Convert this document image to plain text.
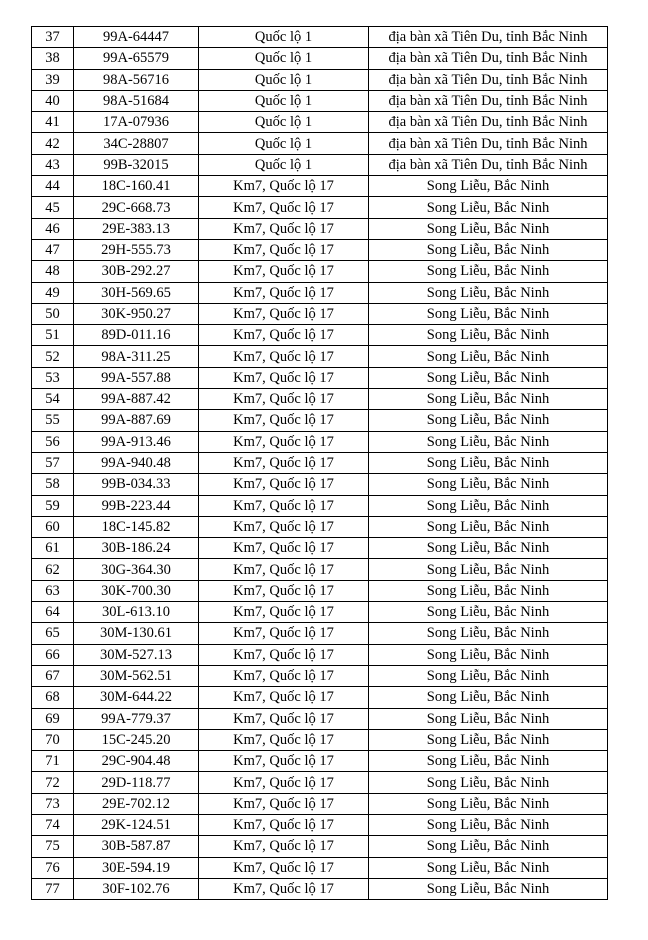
37	99A-64447	Quốc lộ 1	địa bàn xã Tiên Du, tỉnh Bắc Ninh
38	99A-65579	Quốc lộ 1	địa bàn xã Tiên Du, tỉnh Bắc Ninh
39	98A-56716	Quốc lộ 1	địa bàn xã Tiên Du, tỉnh Bắc Ninh
40	98A-51684	Quốc lộ 1	địa bàn xã Tiên Du, tỉnh Bắc Ninh
41	17A-07936	Quốc lộ 1	địa bàn xã Tiên Du, tỉnh Bắc Ninh
42	34C-28807	Quốc lộ 1	địa bàn xã Tiên Du, tỉnh Bắc Ninh
43	99B-32015	Quốc lộ 1	địa bàn xã Tiên Du, tỉnh Bắc Ninh
44	18C-160.41	Km7, Quốc lộ 17	Song Liễu, Bắc Ninh
45	29C-668.73	Km7, Quốc lộ 17	Song Liễu, Bắc Ninh
46	29E-383.13	Km7, Quốc lộ 17	Song Liễu, Bắc Ninh
47	29H-555.73	Km7, Quốc lộ 17	Song Liễu, Bắc Ninh
48	30B-292.27	Km7, Quốc lộ 17	Song Liễu, Bắc Ninh
49	30H-569.65	Km7, Quốc lộ 17	Song Liễu, Bắc Ninh
50	30K-950.27	Km7, Quốc lộ 17	Song Liễu, Bắc Ninh
51	89D-011.16	Km7, Quốc lộ 17	Song Liễu, Bắc Ninh
52	98A-311.25	Km7, Quốc lộ 17	Song Liễu, Bắc Ninh
53	99A-557.88	Km7, Quốc lộ 17	Song Liễu, Bắc Ninh
54	99A-887.42	Km7, Quốc lộ 17	Song Liễu, Bắc Ninh
55	99A-887.69	Km7, Quốc lộ 17	Song Liễu, Bắc Ninh
56	99A-913.46	Km7, Quốc lộ 17	Song Liễu, Bắc Ninh
57	99A-940.48	Km7, Quốc lộ 17	Song Liễu, Bắc Ninh
58	99B-034.33	Km7, Quốc lộ 17	Song Liễu, Bắc Ninh
59	99B-223.44	Km7, Quốc lộ 17	Song Liễu, Bắc Ninh
60	18C-145.82	Km7, Quốc lộ 17	Song Liễu, Bắc Ninh
61	30B-186.24	Km7, Quốc lộ 17	Song Liễu, Bắc Ninh
62	30G-364.30	Km7, Quốc lộ 17	Song Liễu, Bắc Ninh
63	30K-700.30	Km7, Quốc lộ 17	Song Liễu, Bắc Ninh
64	30L-613.10	Km7, Quốc lộ 17	Song Liễu, Bắc Ninh
65	30M-130.61	Km7, Quốc lộ 17	Song Liễu, Bắc Ninh
66	30M-527.13	Km7, Quốc lộ 17	Song Liễu, Bắc Ninh
67	30M-562.51	Km7, Quốc lộ 17	Song Liễu, Bắc Ninh
68	30M-644.22	Km7, Quốc lộ 17	Song Liễu, Bắc Ninh
69	99A-779.37	Km7, Quốc lộ 17	Song Liễu, Bắc Ninh
70	15C-245.20	Km7, Quốc lộ 17	Song Liễu, Bắc Ninh
71	29C-904.48	Km7, Quốc lộ 17	Song Liễu, Bắc Ninh
72	29D-118.77	Km7, Quốc lộ 17	Song Liễu, Bắc Ninh
73	29E-702.12	Km7, Quốc lộ 17	Song Liễu, Bắc Ninh
74	29K-124.51	Km7, Quốc lộ 17	Song Liễu, Bắc Ninh
75	30B-587.87	Km7, Quốc lộ 17	Song Liễu, Bắc Ninh
76	30E-594.19	Km7, Quốc lộ 17	Song Liễu, Bắc Ninh
77	30F-102.76	Km7, Quốc lộ 17	Song Liễu, Bắc Ninh
